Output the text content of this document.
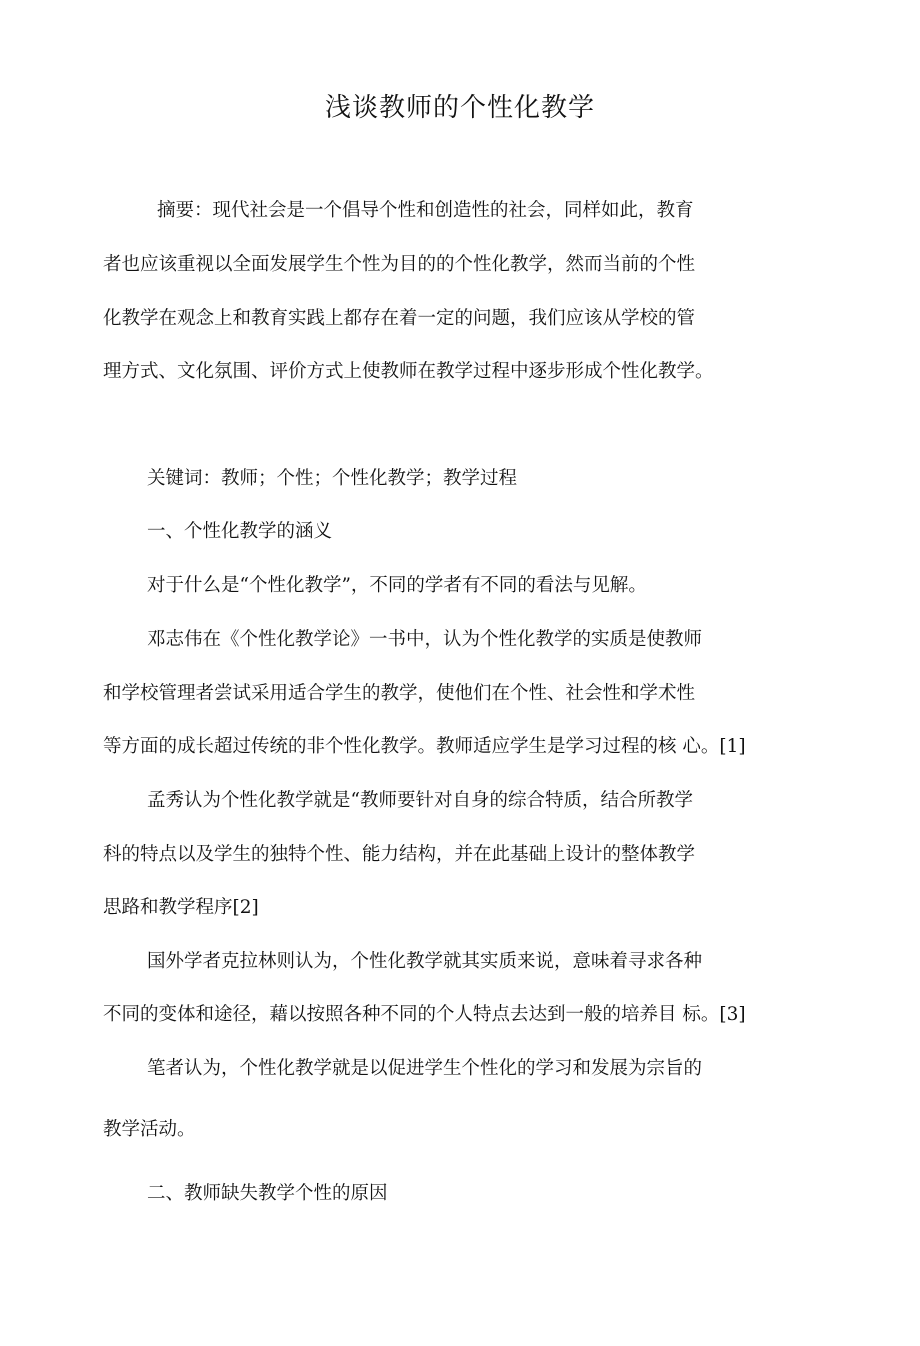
浅谈教师的个性化教学

摘要：现代社会是一个倡导个性和创造性的社会，同样如此，教育

者也应该重视以全面发展学生个性为目的的个性化教学，然而当前的个性

化教学在观念上和教育实践上都存在着一定的问题，我们应该从学校的管

理方式、文化氛围、评价方式上使教师在教学过程中逐步形成个性化教学。

关键词：教师；个性；个性化教学；教学过程

一、个性化教学的涵义

对于什么是“个性化教学”，不同的学者有不同的看法与见解。

邓志伟在《个性化教学论》一书中，认为个性化教学的实质是使教师

和学校管理者尝试采用适合学生的教学，使他们在个性、社会性和学术性

等方面的成长超过传统的非个性化教学。教师适应学生是学习过程的核 心。[1]

孟秀认为个性化教学就是“教师要针对自身的综合特质，结合所教学

科的特点以及学生的独特个性、能力结构，并在此基础上设计的整体教学

思路和教学程序[2]

国外学者克拉林则认为，个性化教学就其实质来说，意味着寻求各种

不同的变体和途径，藉以按照各种不同的个人特点去达到一般的培养目 标。[3]

笔者认为，个性化教学就是以促进学生个性化的学习和发展为宗旨的

教学活动。

二、教师缺失教学个性的原因
